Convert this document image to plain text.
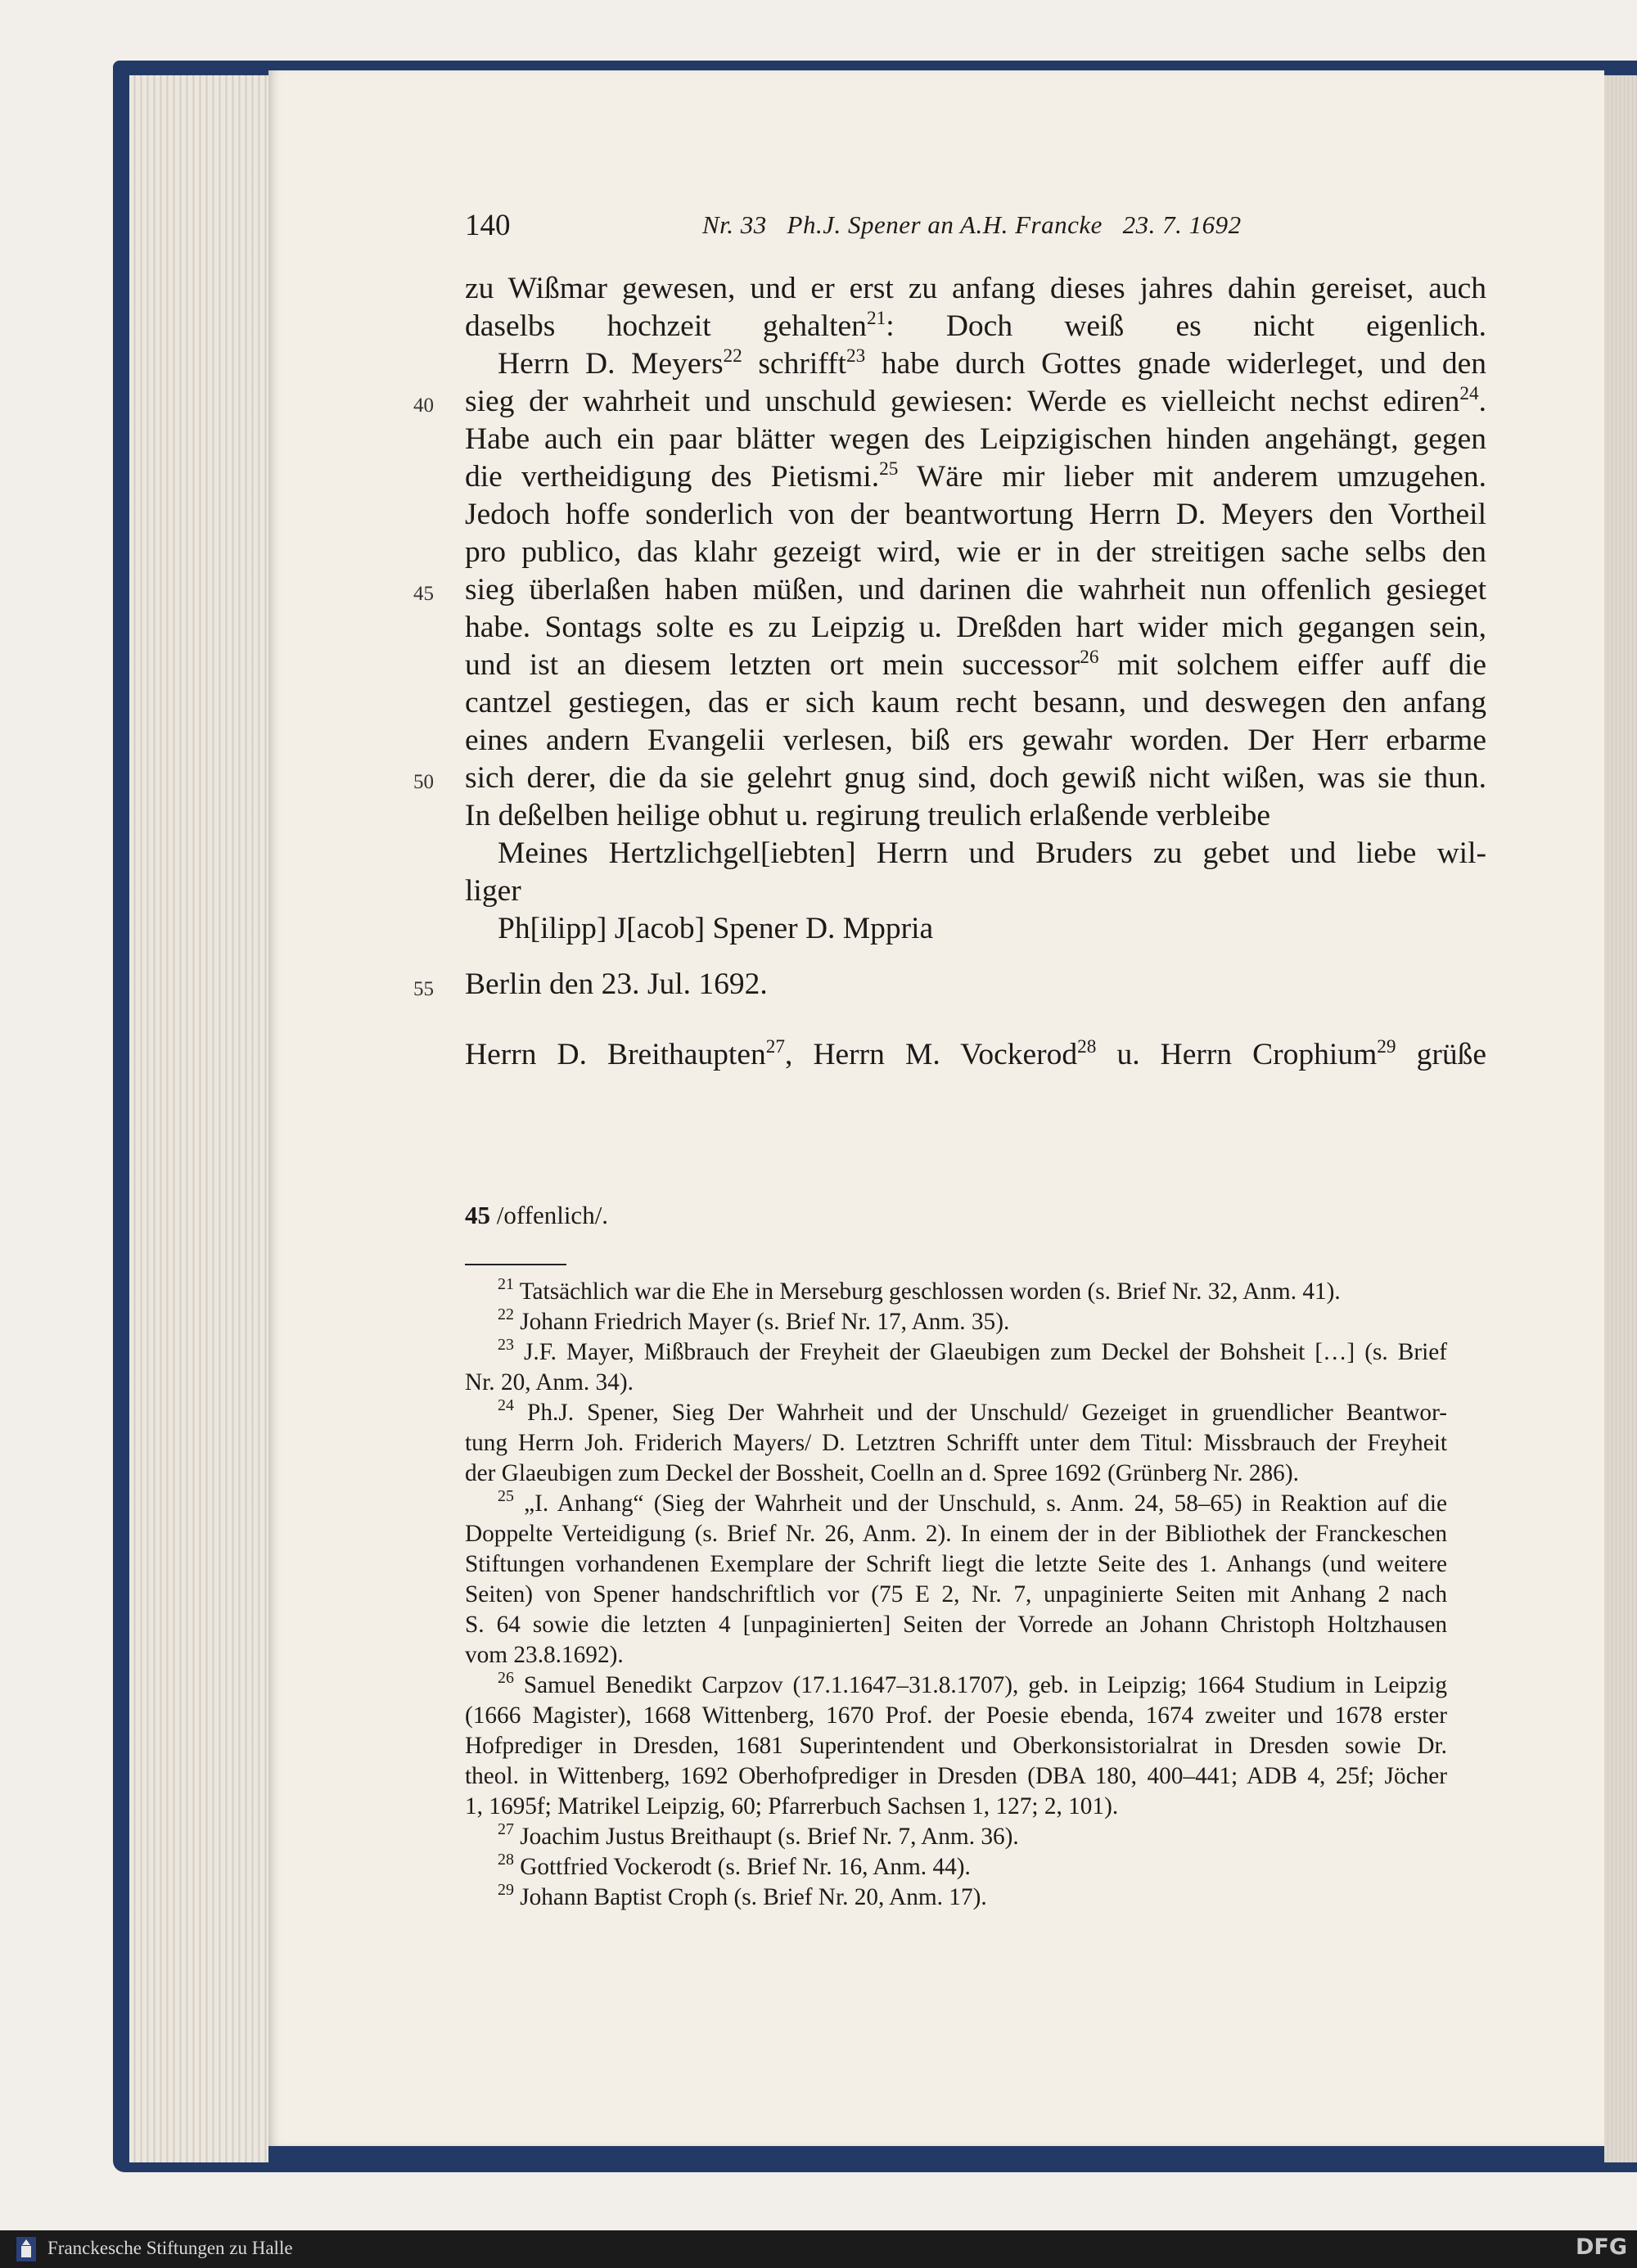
140	Nr. 33   Ph.J. Spener an A.H. Francke   23. 7. 1692
40
45
50
55
zu Wißmar gewesen, und er erst zu anfang dieses jahres dahin gereiset, auch
daselbs hochzeit gehalten$^{21}$: Doch weiß es nicht eigenlich.
Herrn D. Meyers$^{22}$ schrifft$^{23}$ habe durch Gottes gnade widerleget, und den
sieg der wahrheit und unschuld gewiesen: Werde es vielleicht nechst ediren$^{24}$.
Habe auch ein paar blätter wegen des Leipzigischen hinden angehängt, gegen
die vertheidigung des Pietismi.$^{25}$ Wäre mir lieber mit anderem umzugehen.
Jedoch hoffe sonderlich von der beantwortung Herrn D. Meyers den Vortheil
pro publico, das klahr gezeigt wird, wie er in der streitigen sache selbs den
sieg überlaßen haben müßen, und darinen die wahrheit nun offenlich gesieget
habe. Sontags solte es zu Leipzig u. Dreßden hart wider mich gegangen sein,
und ist an diesem letzten ort mein successor$^{26}$ mit solchem eiffer auff die
cantzel gestiegen, das er sich kaum recht besann, und deswegen den anfang
eines andern Evangelii verlesen, biß ers gewahr worden. Der Herr erbarme
sich derer, die da sie gelehrt gnug sind, doch gewiß nicht wißen, was sie thun.
In deßelben heilige obhut u. regirung treulich erlaßende verbleibe
Meines Hertzlichgel[iebten] Herrn und Bruders zu gebet und liebe wil-
liger
Ph[ilipp] J[acob] Spener D. Mppria
Berlin den 23. Jul. 1692.
Herrn D. Breithaupten$^{27}$, Herrn M. Vockerod$^{28}$ u. Herrn Crophium$^{29}$ grüße
45 /offenlich/.
$^{21}$ Tatsächlich war die Ehe in Merseburg geschlossen worden (s. Brief Nr. 32, Anm. 41).
$^{22}$ Johann Friedrich Mayer (s. Brief Nr. 17, Anm. 35).
$^{23}$ J.F. Mayer, Mißbrauch der Freyheit der Glaeubigen zum Deckel der Bohsheit […] (s. Brief
Nr. 20, Anm. 34).
$^{24}$ Ph.J. Spener, Sieg Der Wahrheit und der Unschuld/ Gezeiget in gruendlicher Beantwor-
tung Herrn Joh. Friderich Mayers/ D. Letztren Schrifft unter dem Titul: Missbrauch der Freyheit
der Glaeubigen zum Deckel der Bossheit, Coelln an d. Spree 1692 (Grünberg Nr. 286).
$^{25}$ „I. Anhang“ (Sieg der Wahrheit und der Unschuld, s. Anm. 24, 58–65) in Reaktion auf die
Doppelte Verteidigung (s. Brief Nr. 26, Anm. 2). In einem der in der Bibliothek der Franckeschen
Stiftungen vorhandenen Exemplare der Schrift liegt die letzte Seite des 1. Anhangs (und weitere
Seiten) von Spener handschriftlich vor (75 E 2, Nr. 7, unpaginierte Seiten mit Anhang 2 nach
S. 64 sowie die letzten 4 [unpaginierten] Seiten der Vorrede an Johann Christoph Holtzhausen
vom 23.8.1692).
$^{26}$ Samuel Benedikt Carpzov (17.1.1647–31.8.1707), geb. in Leipzig; 1664 Studium in Leipzig
(1666 Magister), 1668 Wittenberg, 1670 Prof. der Poesie ebenda, 1674 zweiter und 1678 erster
Hofprediger in Dresden, 1681 Superintendent und Oberkonsistorialrat in Dresden sowie Dr.
theol. in Wittenberg, 1692 Oberhofprediger in Dresden (DBA 180, 400–441; ADB 4, 25f; Jöcher
1, 1695f; Matrikel Leipzig, 60; Pfarrerbuch Sachsen 1, 127; 2, 101).
$^{27}$ Joachim Justus Breithaupt (s. Brief Nr. 7, Anm. 36).
$^{28}$ Gottfried Vockerodt (s. Brief Nr. 16, Anm. 44).
$^{29}$ Johann Baptist Croph (s. Brief Nr. 20, Anm. 17).
Franckesche Stiftungen zu Halle	DFG
